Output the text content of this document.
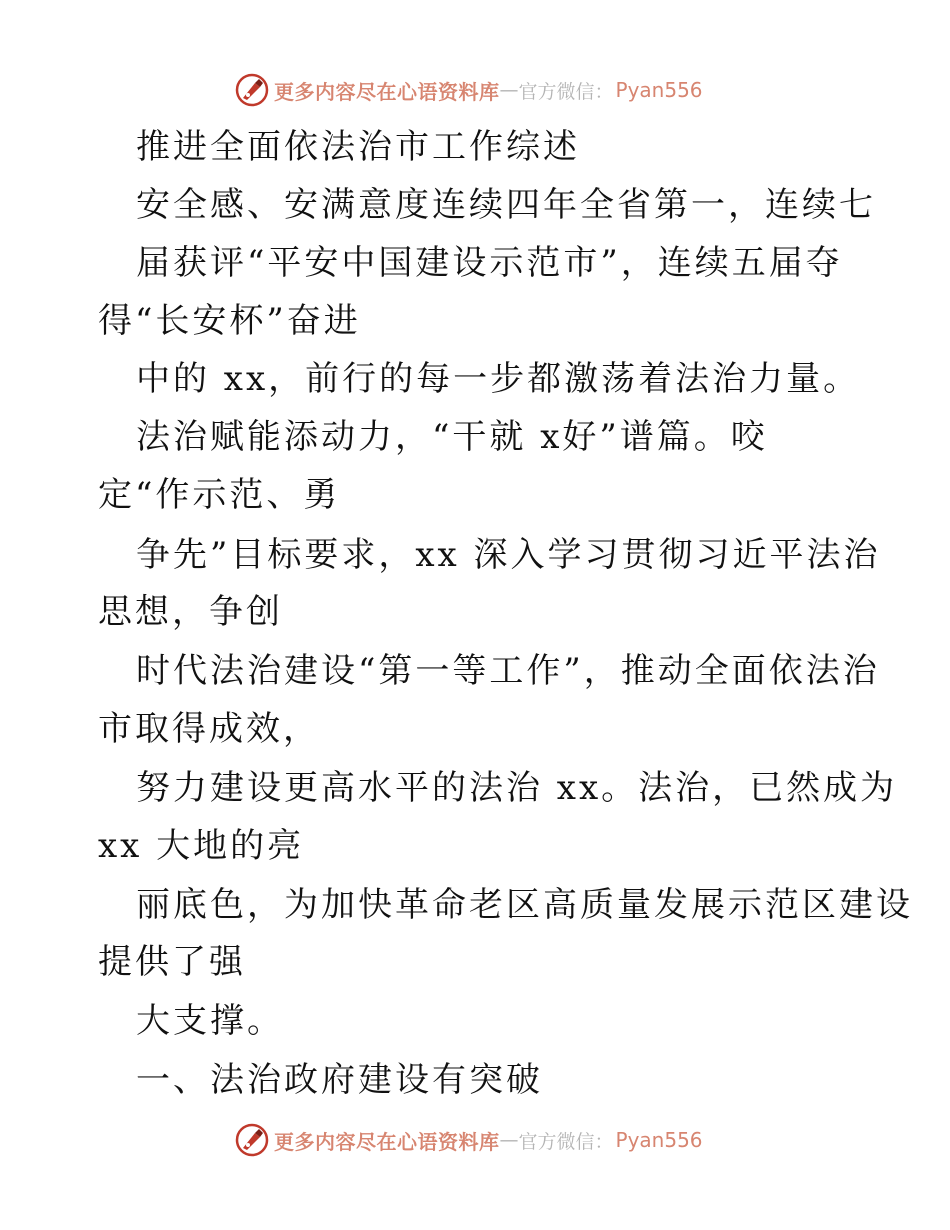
更多内容尽在心语资料库 — 官方微信： Pyan556
推进全面依法治市工作综述
安全感、安满意度连续四年全省第一，连续七
届获评“平安中国建设示范市”，连续五届夺
得“长安杯”奋进
中的 xx，前行的每一步都激荡着法治力量。
法治赋能添动力，“干就 x好”谱篇。咬
定“作示范、勇
争先”目标要求，xx 深入学习贯彻习近平法治
思想，争创
时代法治建设“第一等工作”，推动全面依法治
市取得成效，
努力建设更高水平的法治 xx。法治，已然成为
xx 大地的亮
丽底色，为加快革命老区高质量发展示范区建设
提供了强
大支撑。
一、法治政府建设有突破
更多内容尽在心语资料库 — 官方微信： Pyan556
